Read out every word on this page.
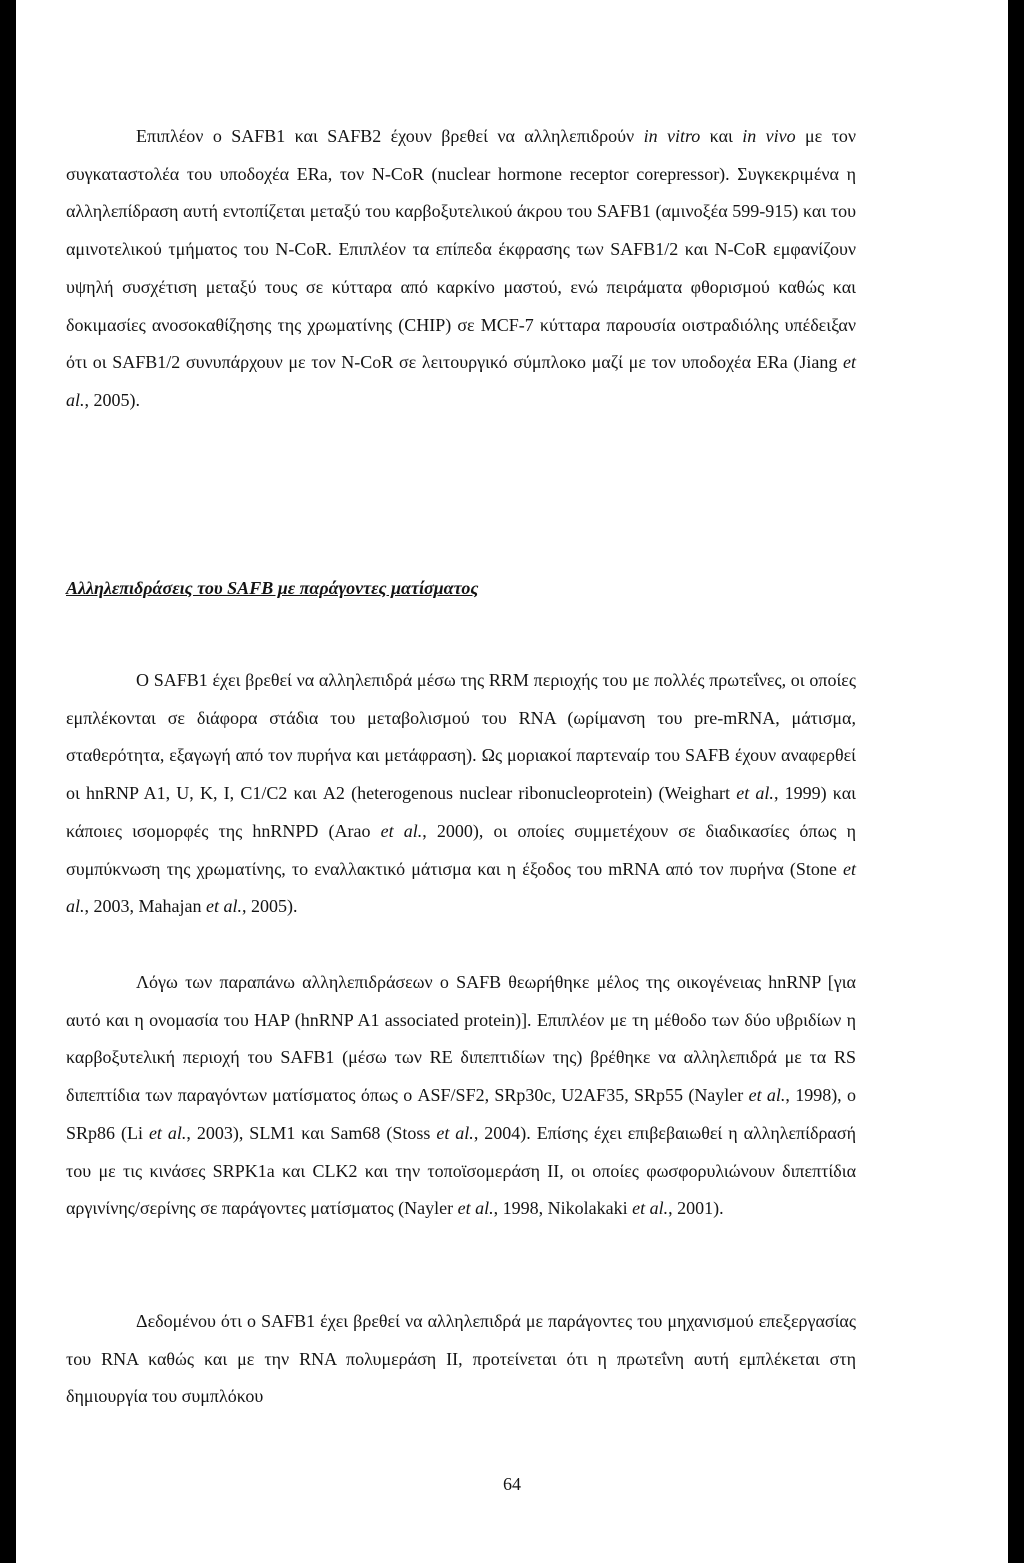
Επιπλέον ο SAFB1 και SAFB2 έχουν βρεθεί να αλληλεπιδρούν in vitro και in vivo με τον συγκαταστολέα του υποδοχέα ERa, τον N-CoR (nuclear hormone receptor corepressor). Συγκεκριμένα η αλληλεπίδραση αυτή εντοπίζεται μεταξύ του καρβοξυτελικού άκρου του SAFB1 (αμινοξέα 599-915) και του αμινοτελικού τμήματος του N-CoR. Επιπλέον τα επίπεδα έκφρασης των SAFB1/2 και N-CoR εμφανίζουν υψηλή συσχέτιση μεταξύ τους σε κύτταρα από καρκίνο μαστού, ενώ πειράματα φθορισμού καθώς και δοκιμασίες ανοσοκαθίζησης της χρωματίνης (CHIP) σε MCF-7 κύτταρα παρουσία οιστραδιόλης υπέδειξαν ότι οι SAFB1/2 συνυπάρχουν με τον N-CoR σε λειτουργικό σύμπλοκο μαζί με τον υποδοχέα ERa (Jiang et al., 2005).

Αλληλεπιδράσεις του SAFB με παράγοντες ματίσματος

O SAFB1 έχει βρεθεί να αλληλεπιδρά μέσω της RRM περιοχής του με πολλές πρωτεΐνες, οι οποίες εμπλέκονται σε διάφορα στάδια του μεταβολισμού του RNA (ωρίμανση του pre-mRNA, μάτισμα, σταθερότητα, εξαγωγή από τον πυρήνα και μετάφραση). Ως μοριακοί παρτεναίρ του SAFB έχουν αναφερθεί οι hnRNP A1, U, K, I, C1/C2 και A2 (heterogenous nuclear ribonucleoprotein) (Weighart et al., 1999) και κάποιες ισομορφές της hnRNPD (Arao et al., 2000), οι οποίες συμμετέχουν σε διαδικασίες όπως η συμπύκνωση της χρωματίνης, το εναλλακτικό μάτισμα και η έξοδος του mRNA από τον πυρήνα (Stone et al., 2003, Mahajan et al., 2005).

Λόγω των παραπάνω αλληλεπιδράσεων ο SAFB θεωρήθηκε μέλος της οικογένειας hnRNP [για αυτό και η ονομασία του HAP (hnRNP A1 associated protein)]. Επιπλέον με τη μέθοδο των δύο υβριδίων η καρβοξυτελική περιοχή του SAFB1 (μέσω των RE διπεπτιδίων της) βρέθηκε να αλληλεπιδρά με τα RS διπεπτίδια των παραγόντων ματίσματος όπως ο ASF/SF2, SRp30c, U2AF35, SRp55 (Nayler et al., 1998), ο SRp86 (Li et al., 2003), SLM1 και Sam68 (Stoss et al., 2004). Επίσης έχει επιβεβαιωθεί η αλληλεπίδρασή του με τις κινάσες SRPK1a και CLK2 και την τοποϊσομεράση II, οι οποίες φωσφορυλιώνουν διπεπτίδια αργινίνης/σερίνης σε παράγοντες ματίσματος (Nayler et al., 1998, Nikolakaki et al., 2001).

Δεδομένου ότι ο SAFB1 έχει βρεθεί να αλληλεπιδρά με παράγοντες του μηχανισμού επεξεργασίας του RNA καθώς και με την RNA πολυμεράση II, προτείνεται ότι η πρωτεΐνη αυτή εμπλέκεται στη δημιουργία του συμπλόκου

64
